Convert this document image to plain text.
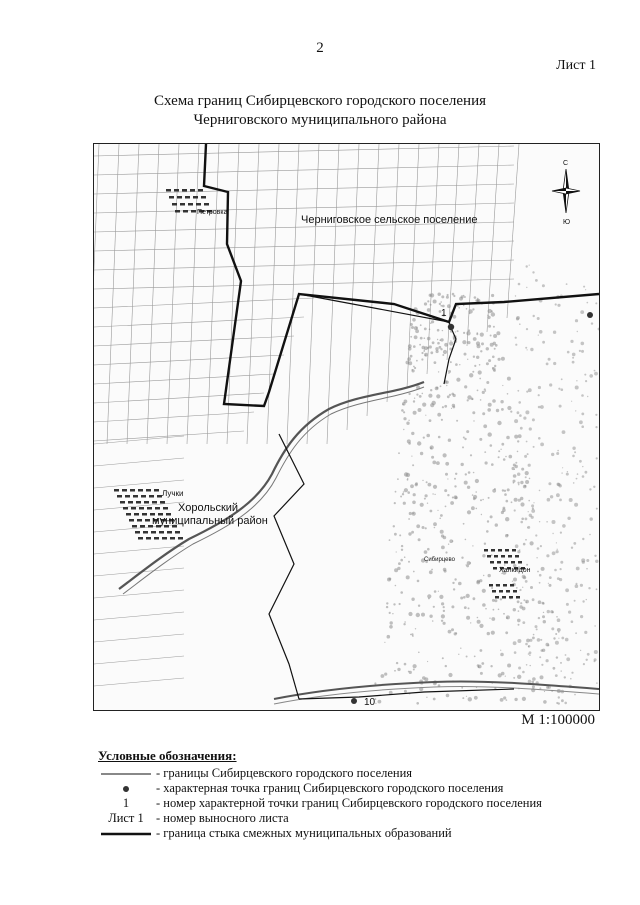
2
Лист 1
Схема границ Сибирцевского городского поселения
Черниговского муниципального района
1
10
Черниговское сельское поселение
Хорольский
муниципальный район
Петровка
Лучки
Халкидон
Сибирцево
С
Ю
М 1:100000
Условные обозначения:
- границы Сибирцевского городского поселения
- характерная точка границ Сибирцевского городского поселения
1	- номер характерной точки границ Сибирцевского городского поселения
Лист 1 - номер выносного листа
- граница стыка смежных муниципальных образований
